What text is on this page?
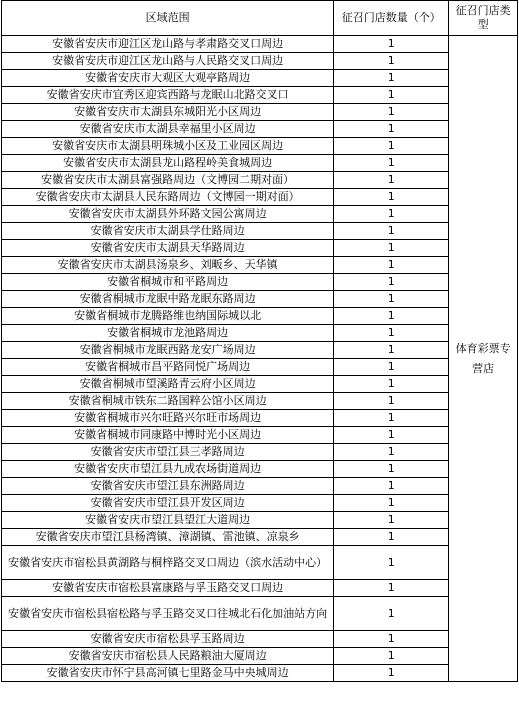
区域范围	征召门店数量（个）	征召门店类型
安徽省安庆市迎江区龙山路与孝肃路交叉口周边	1	体育彩票专营店
安徽省安庆市迎江区龙山路与人民路交叉口周边	1	
安徽省安庆市大观区大观亭路周边	1	
安徽省安庆市宜秀区迎宾西路与龙眠山北路交叉口	1	
安徽省安庆市太湖县东城阳光小区周边	1	
安徽省安庆市太湖县幸福里小区周边	1	
安徽省安庆市太湖县明珠城小区及工业园区周边	1	
安徽省安庆市太湖县龙山路程岭美食城周边	1	
安徽省安庆市太湖县富强路周边（文博园二期对面）	1	
安徽省安庆市太湖县人民东路周边（文博园一期对面）	1	
安徽省安庆市太湖县外环路文园公寓周边	1	
安徽省安庆市太湖县学仕路周边	1	
安徽省安庆市太湖县天华路周边	1	
安徽省安庆市太湖县汤泉乡、刘畈乡、天华镇	1	
安徽省桐城市和平路周边	1	
安徽省桐城市龙眠中路龙眠东路周边	1	
安徽省桐城市龙腾路维也纳国际城以北	1	
安徽省桐城市龙池路周边	1	
安徽省桐城市龙眠西路龙安广场周边	1	
安徽省桐城市昌平路同悦广场周边	1	
安徽省桐城市望溪路青云府小区周边	1	
安徽省桐城市铁东二路国粹公馆小区周边	1	
安徽省桐城市兴尔旺路兴尔旺市场周边	1	
安徽省桐城市同康路中博时光小区周边	1	
安徽省安庆市望江县三孝路周边	1	
安徽省安庆市望江县九成农场街道周边	1	
安徽省安庆市望江县东洲路周边	1	
安徽省安庆市望江县开发区周边	1	
安徽省安庆市望江县望江大道周边	1	
安徽省安庆市望江县杨湾镇、漳湖镇、雷池镇、凉泉乡	1	
安徽省安庆市宿松县黄湖路与桐梓路交叉口周边（滨水活动中心）	1	
安徽省安庆市宿松县富康路与孚玉路交叉口周边	1	
安徽省安庆市宿松县宿松路与孚玉路交叉口往城北石化加油站方向	1	
安徽省安庆市宿松县孚玉路周边	1	
安徽省安庆市宿松县人民路粮油大厦周边	1	
安徽省安庆市怀宁县高河镇七里路金马中央城周边	1	
